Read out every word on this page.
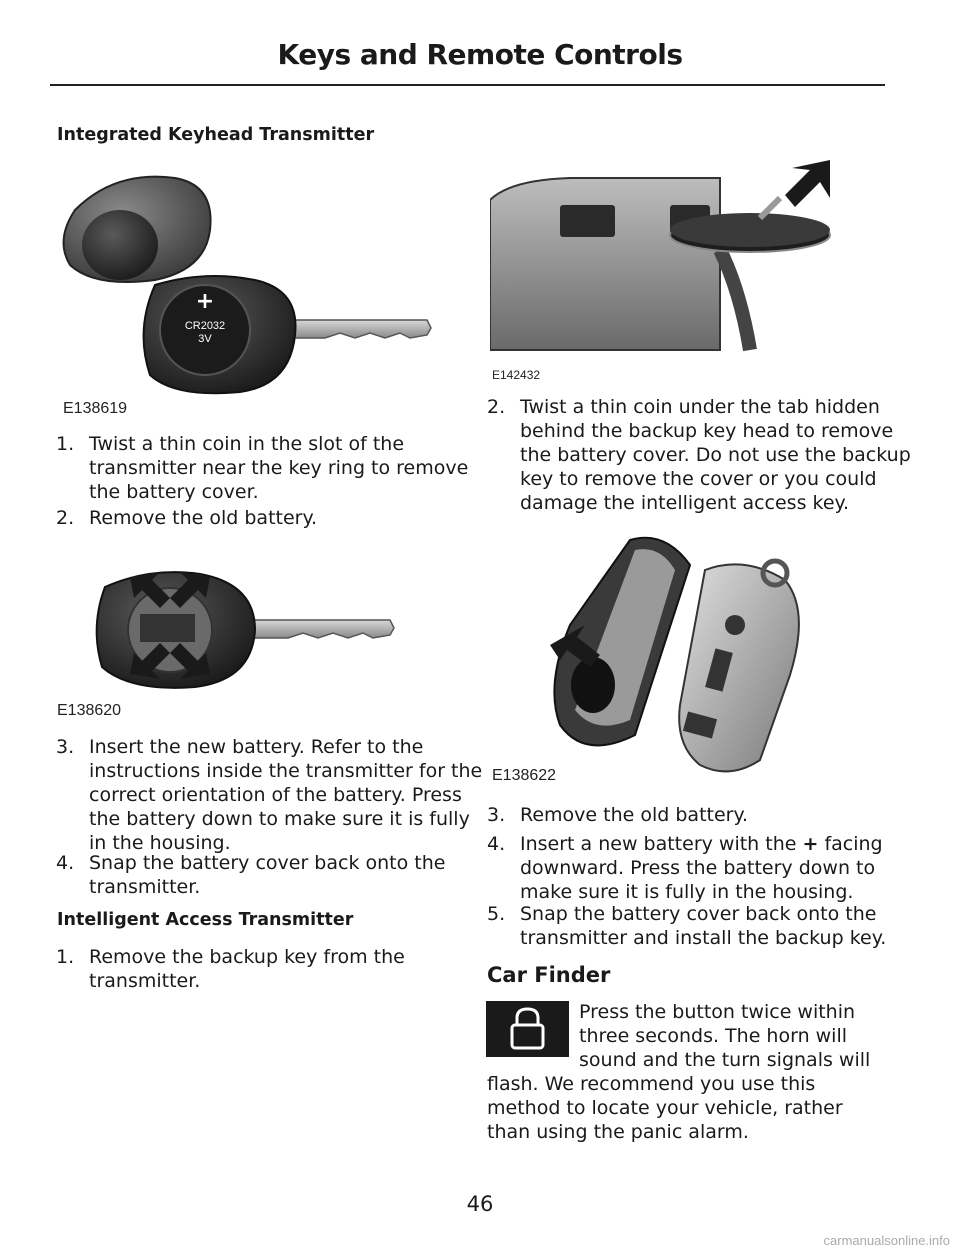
Keys and Remote Controls
Integrated Keyhead Transmitter
+
CR2032
3V
E138619
1. Twist a thin coin in the slot of the transmitter near the key ring to remove the battery cover.
2. Remove the old battery.
E138620
3. Insert the new battery. Refer to the instructions inside the transmitter for the correct orientation of the battery. Press the battery down to make sure it is fully in the housing.
4. Snap the battery cover back onto the transmitter.
Intelligent Access Transmitter
1. Remove the backup key from the transmitter.
E142432
2. Twist a thin coin under the tab hidden behind the backup key head to remove the battery cover. Do not use the backup key to remove the cover or you could damage the intelligent access key.
E138622
3. Remove the old battery.
4. Insert a new battery with the + facing downward. Press the battery down to make sure it is fully in the housing.
5. Snap the battery cover back onto the transmitter and install the backup key.
Car Finder
Press the button twice within three seconds. The horn will sound and the turn signals will
flash. We recommend you use this method to locate your vehicle, rather than using the panic alarm.
46
carmanualsonline.info
